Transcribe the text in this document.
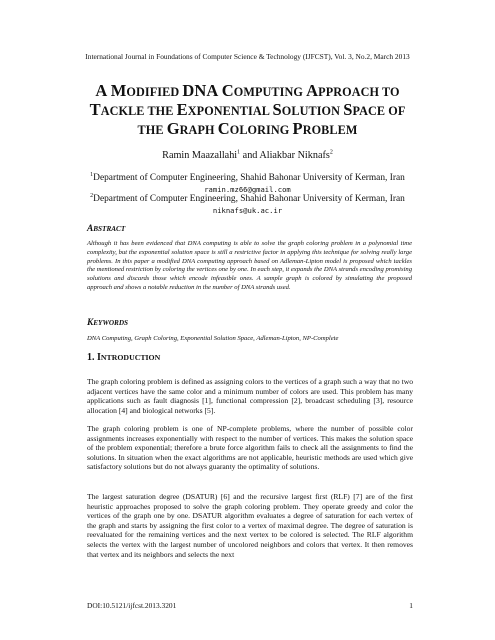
International Journal in Foundations of Computer Science & Technology (IJFCST), Vol. 3, No.2, March 2013
A MODIFIED DNA COMPUTING APPROACH TO
TACKLE THE EXPONENTIAL SOLUTION SPACE OF
THE GRAPH COLORING PROBLEM
Ramin Maazallahi$^1$ and Aliakbar Niknafs$^2$
$^1$Department of Computer Engineering, Shahid Bahonar University of Kerman, Iran
ramin.mz66@gmail.com
$^2$Department of Computer Engineering, Shahid Bahonar University of Kerman, Iran
niknafs@uk.ac.ir
ABSTRACT
Although it has been evidenced that DNA computing is able to solve the graph coloring problem in a polynomial time complexity, but the exponential solution space is still a restrictive factor in applying this technique for solving really large problems. In this paper a modified DNA computing approach based on Adleman-Lipton model is proposed which tackles the mentioned restriction by coloring the vertices one by one. In each step, it expands the DNA strands encoding promising solutions and discards those which encode infeasible ones. A sample graph is colored by simulating the proposed approach and shows a notable reduction in the number of DNA strands used.
KEYWORDS
DNA Computing, Graph Coloring, Exponential Solution Space, Adleman-Lipton, NP-Complete
1. INTRODUCTION
The graph coloring problem is defined as assigning colors to the vertices of a graph such a way that no two adjacent vertices have the same color and a minimum number of colors are used. This problem has many applications such as fault diagnosis [1], functional compression [2], broadcast scheduling [3], resource allocation [4] and biological networks [5].
The graph coloring problem is one of NP-complete problems, where the number of possible color assignments increases exponentially with respect to the number of vertices. This makes the solution space of the problem exponential; therefore a brute force algorithm fails to check all the assignments to find the solutions. In situation when the exact algorithms are not applicable, heuristic methods are used which give satisfactory solutions but do not always guaranty the optimality of solutions.
The largest saturation degree (DSATUR) [6] and the recursive largest first (RLF) [7] are of the first heuristic approaches proposed to solve the graph coloring problem. They operate greedy and color the vertices of the graph one by one. DSATUR algorithm evaluates a degree of saturation for each vertex of the graph and starts by assigning the first color to a vertex of maximal degree. The degree of saturation is reevaluated for the remaining vertices and the next vertex to be colored is selected. The RLF algorithm selects the vertex with the largest number of uncolored neighbors and colors that vertex. It then removes that vertex and its neighbors and selects the next
DOI:10.5121/ijfcst.2013.3201	1
